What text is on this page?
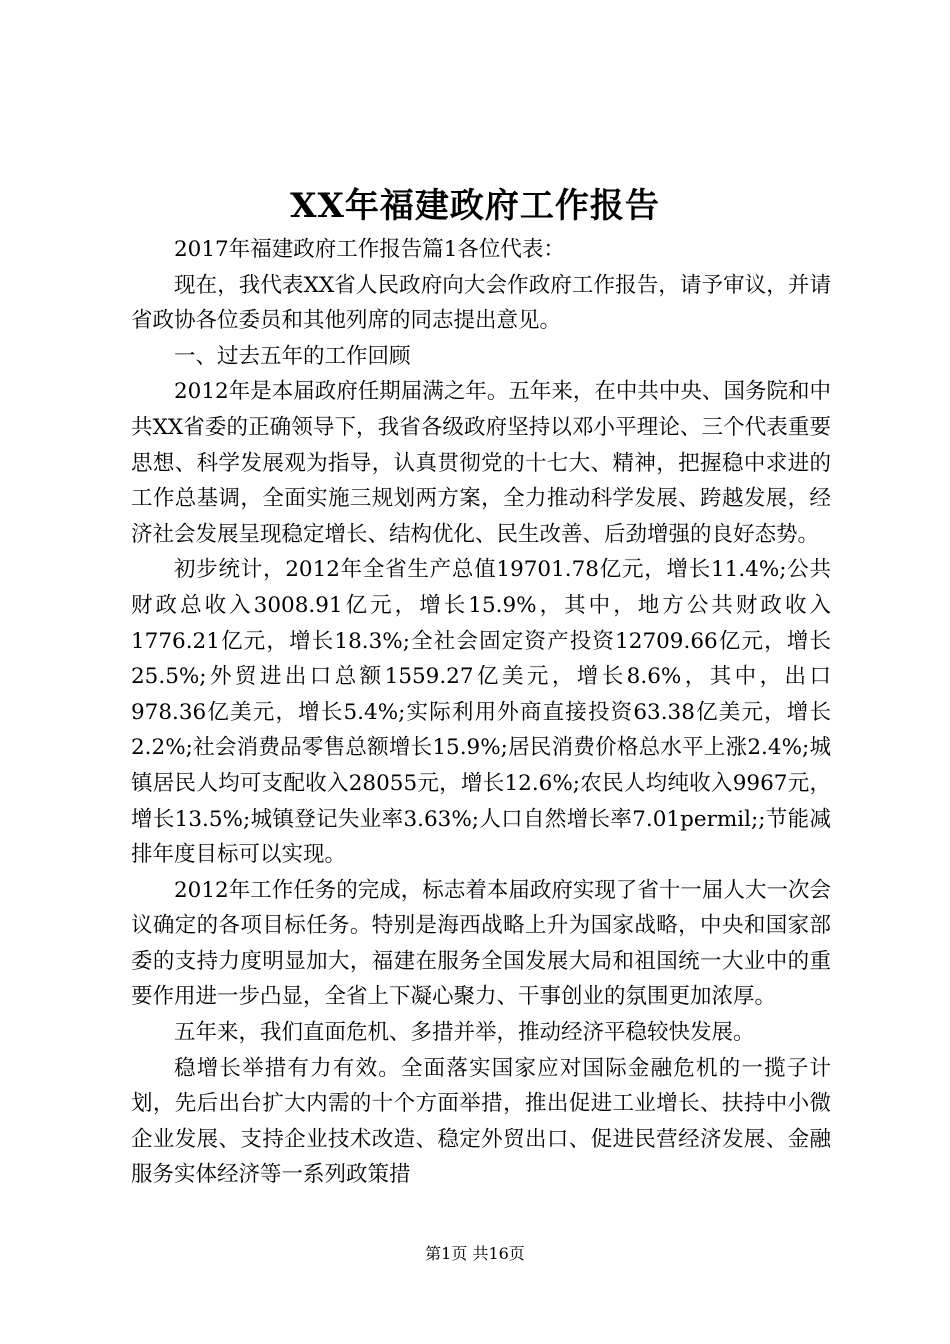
XX年福建政府工作报告

2017年福建政府工作报告篇1各位代表：

现在，我代表XX省人民政府向大会作政府工作报告，请予审议，并请省政协各位委员和其他列席的同志提出意见。

一、过去五年的工作回顾

2012年是本届政府任期届满之年。五年来，在中共中央、国务院和中共XX省委的正确领导下，我省各级政府坚持以邓小平理论、三个代表重要思想、科学发展观为指导，认真贯彻党的十七大、精神，把握稳中求进的工作总基调，全面实施三规划两方案，全力推动科学发展、跨越发展，经济社会发展呈现稳定增长、结构优化、民生改善、后劲增强的良好态势。

初步统计，2012年全省生产总值19701.78亿元，增长11.4%;公共财政总收入3008.91亿元，增长15.9%，其中，地方公共财政收入1776.21亿元，增长18.3%;全社会固定资产投资12709.66亿元，增长25.5%;外贸进出口总额1559.27亿美元，增长8.6%，其中，出口978.36亿美元，增长5.4%;实际利用外商直接投资63.38亿美元，增长2.2%;社会消费品零售总额增长15.9%;居民消费价格总水平上涨2.4%;城镇居民人均可支配收入28055元，增长12.6%;农民人均纯收入9967元，增长13.5%;城镇登记失业率3.63%;人口自然增长率7.01permil;;节能减排年度目标可以实现。

2012年工作任务的完成，标志着本届政府实现了省十一届人大一次会议确定的各项目标任务。特别是海西战略上升为国家战略，中央和国家部委的支持力度明显加大，福建在服务全国发展大局和祖国统一大业中的重要作用进一步凸显，全省上下凝心聚力、干事创业的氛围更加浓厚。

五年来，我们直面危机、多措并举，推动经济平稳较快发展。

稳增长举措有力有效。全面落实国家应对国际金融危机的一揽子计划，先后出台扩大内需的十个方面举措，推出促进工业增长、扶持中小微企业发展、支持企业技术改造、稳定外贸出口、促进民营经济发展、金融服务实体经济等一系列政策措

第1页 共16页
